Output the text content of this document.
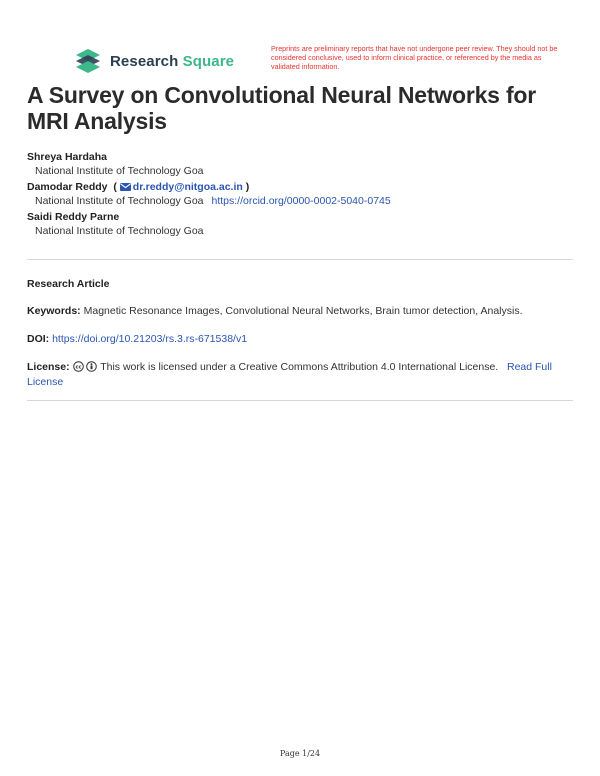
Research Square
Preprints are preliminary reports that have not undergone peer review. They should not be considered conclusive, used to inform clinical practice, or referenced by the media as validated information.
A Survey on Convolutional Neural Networks for MRI Analysis
Shreya Hardaha
National Institute of Technology Goa
Damodar Reddy  ( dr.reddy@nitgoa.ac.in )
National Institute of Technology Goa https://orcid.org/0000-0002-5040-0745
Saidi Reddy Parne
National Institute of Technology Goa
Research Article
Keywords: Magnetic Resonance Images, Convolutional Neural Networks, Brain tumor detection, Analysis.
DOI: https://doi.org/10.21203/rs.3.rs-671538/v1
License: cc This work is licensed under a Creative Commons Attribution 4.0 International License. Read Full
License
Page 1/24
